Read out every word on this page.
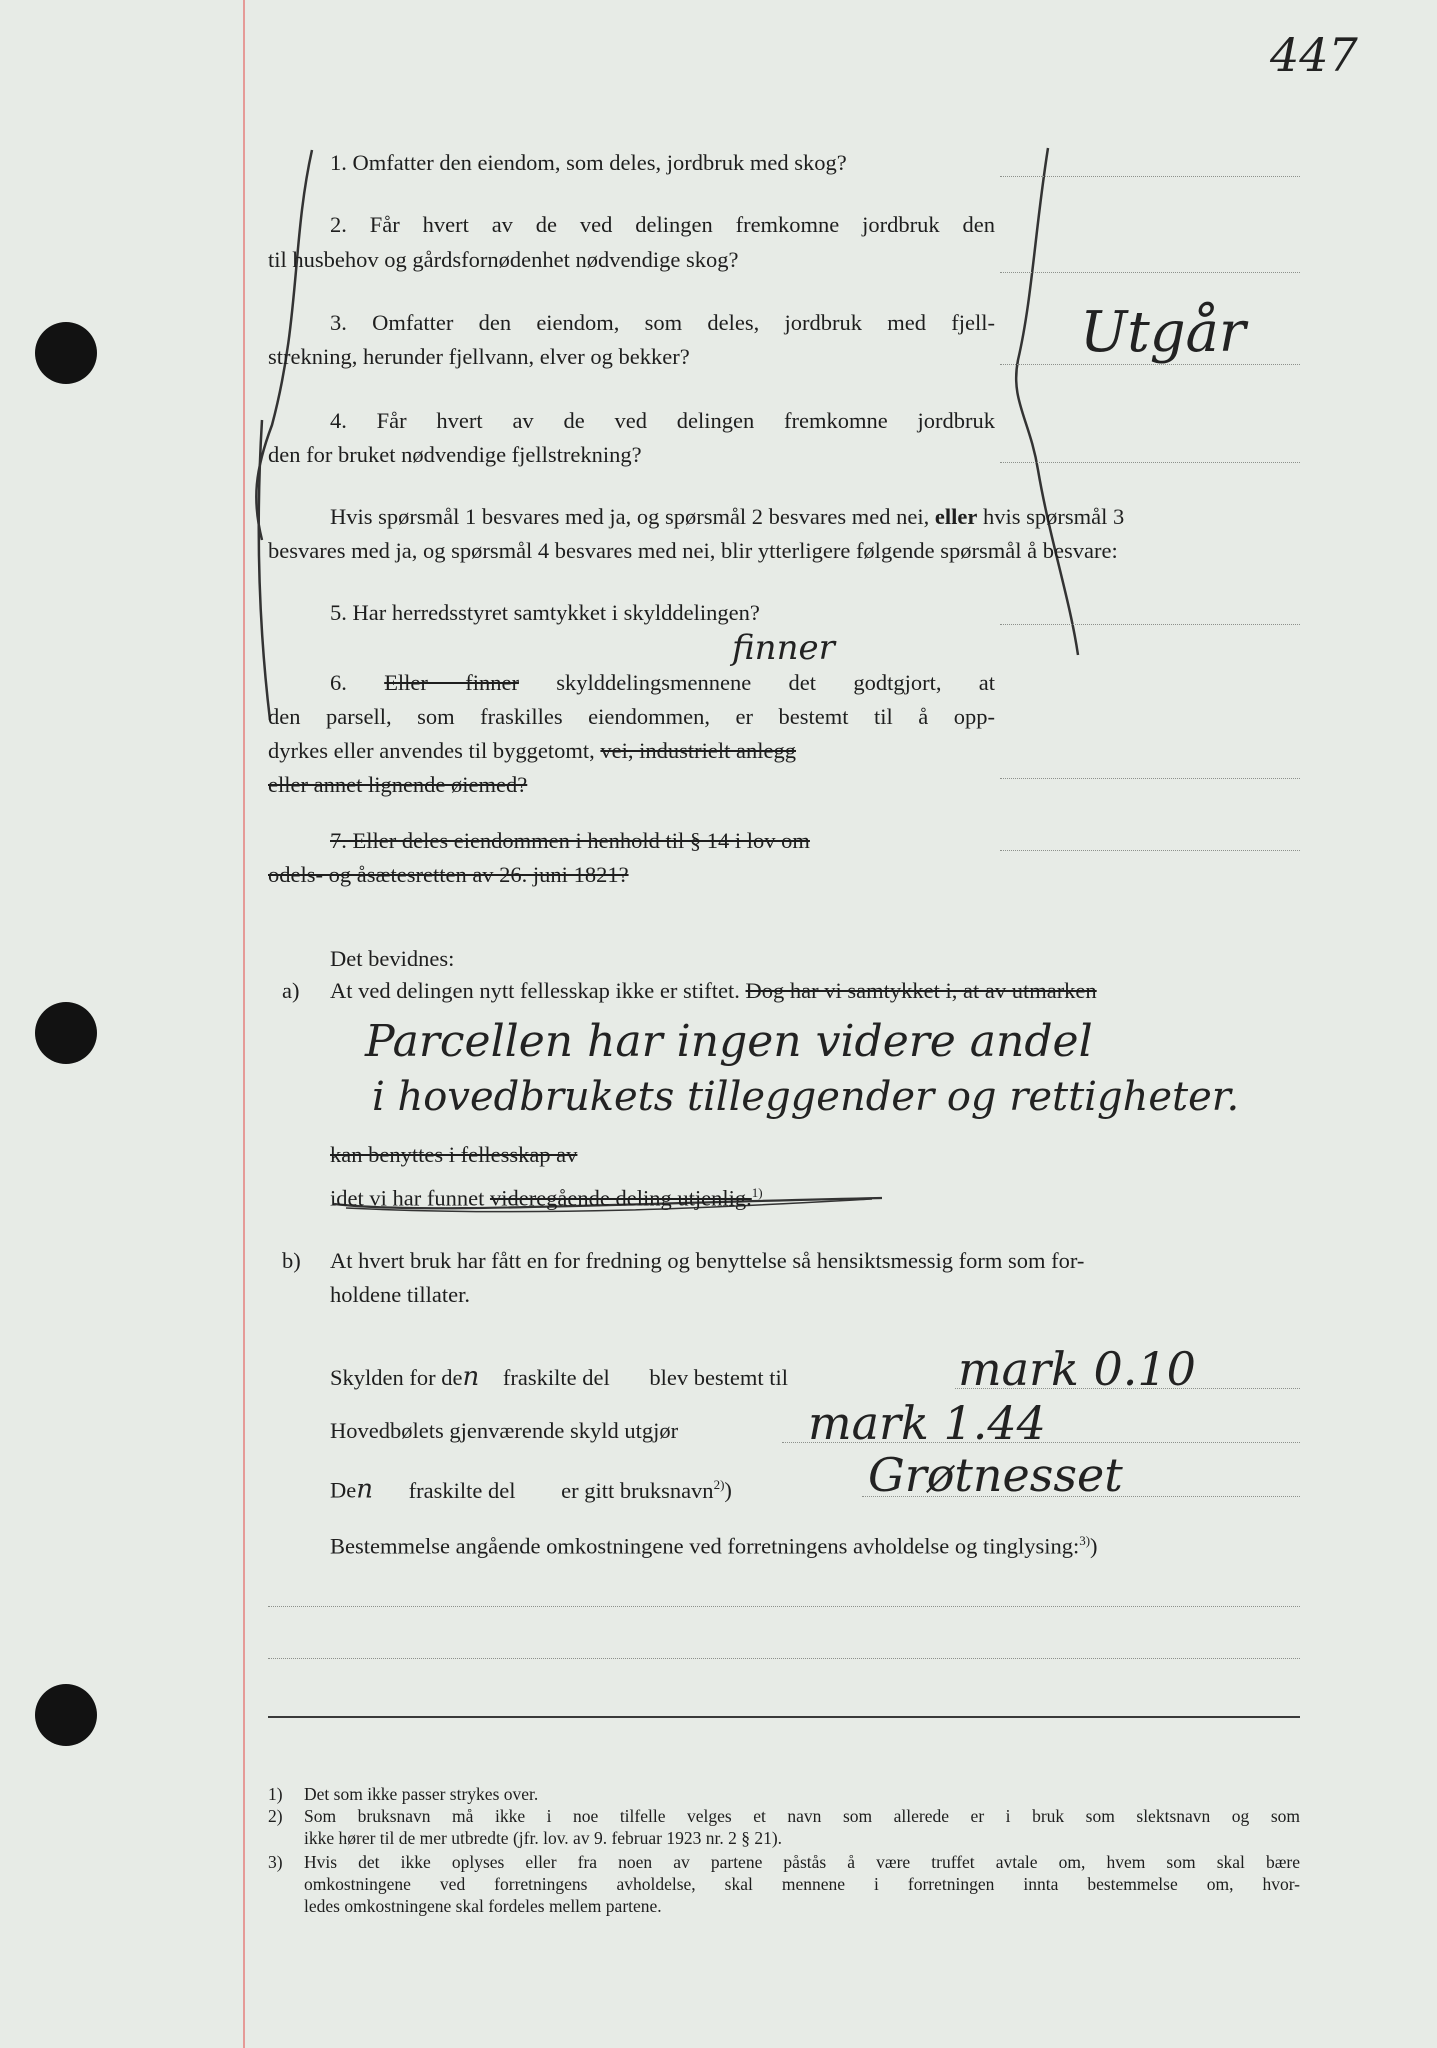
447
1. Omfatter den eiendom, som deles, jordbruk med skog?
2. Får hvert av de ved delingen fremkomne jordbruk den
til husbehov og gårdsfornødenhet nødvendige skog?
3. Omfatter den eiendom, som deles, jordbruk med fjell-
strekning, herunder fjellvann, elver og bekker?	Utgår
4. Får hvert av de ved delingen fremkomne jordbruk
den for bruket nødvendige fjellstrekning?
Hvis spørsmål 1 besvares med ja, og spørsmål 2 besvares med nei, eller hvis spørsmål 3
besvares med ja, og spørsmål 4 besvares med nei, blir ytterligere følgende spørsmål å besvare:
5. Har herredsstyret samtykket i skylddelingen?
finner
6. Eller finner skylddelingsmennene det godtgjort, at
den parsell, som fraskilles eiendommen, er bestemt til å opp-
dyrkes eller anvendes til byggetomt, vei, industrielt anlegg
eller annet lignende øiemed?
7. Eller deles eiendommen i henhold til § 14 i lov om
odels- og åsætesretten av 26. juni 1821?
Det bevidnes:
a) At ved delingen nytt fellesskap ikke er stiftet. Dog har vi samtykket i, at av utmarken
Parcellen har ingen videre andel
i hovedbrukets tilleggender og rettigheter.
kan benyttes i fellesskap av
idet vi har funnet videregående deling utjenlig.$^{1)}$
b) At hvert bruk har fått en for fredning og benyttelse så hensiktsmessig form som for-
holdene tillater.
Skylden for den fraskilte del blev bestemt til	mark 0.10
Hovedbølets gjenværende skyld utgjør	mark 1.44
Den fraskilte del er gitt bruksnavn$^{2)}$)	Grøtnesset
Bestemmelse angående omkostningene ved forretningens avholdelse og tinglysing:$^{3)}$)
1) Det som ikke passer strykes over.
2) Som bruksnavn må ikke i noe tilfelle velges et navn som allerede er i bruk som slektsnavn og som
ikke hører til de mer utbredte (jfr. lov. av 9. februar 1923 nr. 2 § 21).
3) Hvis det ikke oplyses eller fra noen av partene påstås å være truffet avtale om, hvem som skal bære
omkostningene ved forretningens avholdelse, skal mennene i forretningen innta bestemmelse om, hvor-
ledes omkostningene skal fordeles mellem partene.
